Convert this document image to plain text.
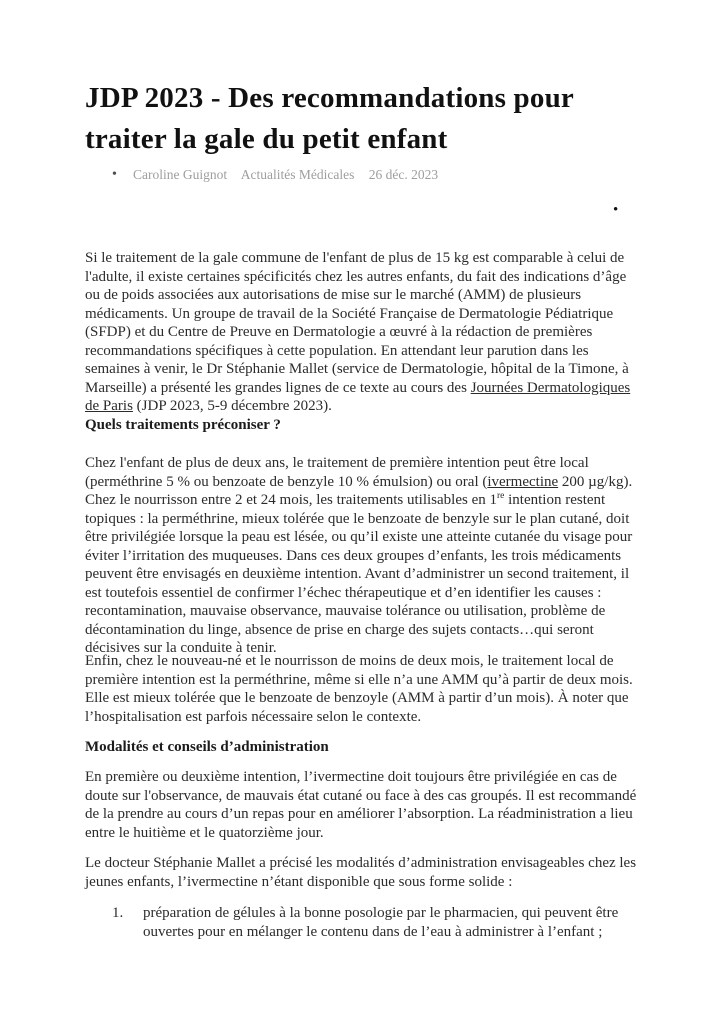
JDP 2023 - Des recommandations pour traiter la gale du petit enfant
• Caroline Guignot Actualités Médicales 26 déc. 2023
•

Si le traitement de la gale commune de l'enfant de plus de 15 kg est comparable à celui de l'adulte, il existe certaines spécificités chez les autres enfants, du fait des indications d’âge ou de poids associées aux autorisations de mise sur le marché (AMM) de plusieurs médicaments. Un groupe de travail de la Société Française de Dermatologie Pédiatrique (SFDP) et du Centre de Preuve en Dermatologie a œuvré à la rédaction de premières recommandations spécifiques à cette population. En attendant leur parution dans les semaines à venir, le Dr Stéphanie Mallet (service de Dermatologie, hôpital de la Timone, à Marseille) a présenté les grandes lignes de ce texte au cours des Journées Dermatologiques de Paris (JDP 2023, 5-9 décembre 2023).

Quels traitements préconiser ?

Chez l'enfant de plus de deux ans, le traitement de première intention peut être local (perméthrine 5 % ou benzoate de benzyle 10 % émulsion) ou oral (ivermectine 200 µg/kg). Chez le nourrisson entre 2 et 24 mois, les traitements utilisables en 1re intention restent topiques : la perméthrine, mieux tolérée que le benzoate de benzyle sur le plan cutané, doit être privilégiée lorsque la peau est lésée, ou qu’il existe une atteinte cutanée du visage pour éviter l’irritation des muqueuses. Dans ces deux groupes d’enfants, les trois médicaments peuvent être envisagés en deuxième intention. Avant d’administrer un second traitement, il est toutefois essentiel de confirmer l’échec thérapeutique et d’en identifier les causes : recontamination, mauvaise observance, mauvaise tolérance ou utilisation, problème de décontamination du linge, absence de prise en charge des sujets contacts…qui seront décisives sur la conduite à tenir.

Enfin, chez le nouveau-né et le nourrisson de moins de deux mois, le traitement local de première intention est la perméthrine, même si elle n’a une AMM qu’à partir de deux mois. Elle est mieux tolérée que le benzoate de benzoyle (AMM à partir d’un mois). À noter que l’hospitalisation est parfois nécessaire selon le contexte.

Modalités et conseils d’administration

En première ou deuxième intention, l’ivermectine doit toujours être privilégiée en cas de doute sur l'observance, de mauvais état cutané ou face à des cas groupés. Il est recommandé de la prendre au cours d’un repas pour en améliorer l’absorption. La réadministration a lieu entre le huitième et le quatorzième jour.

Le docteur Stéphanie Mallet a précisé les modalités d’administration envisageables chez les jeunes enfants, l’ivermectine n’étant disponible que sous forme solide :

1. préparation de gélules à la bonne posologie par le pharmacien, qui peuvent être ouvertes pour en mélanger le contenu dans de l’eau à administrer à l’enfant ;
